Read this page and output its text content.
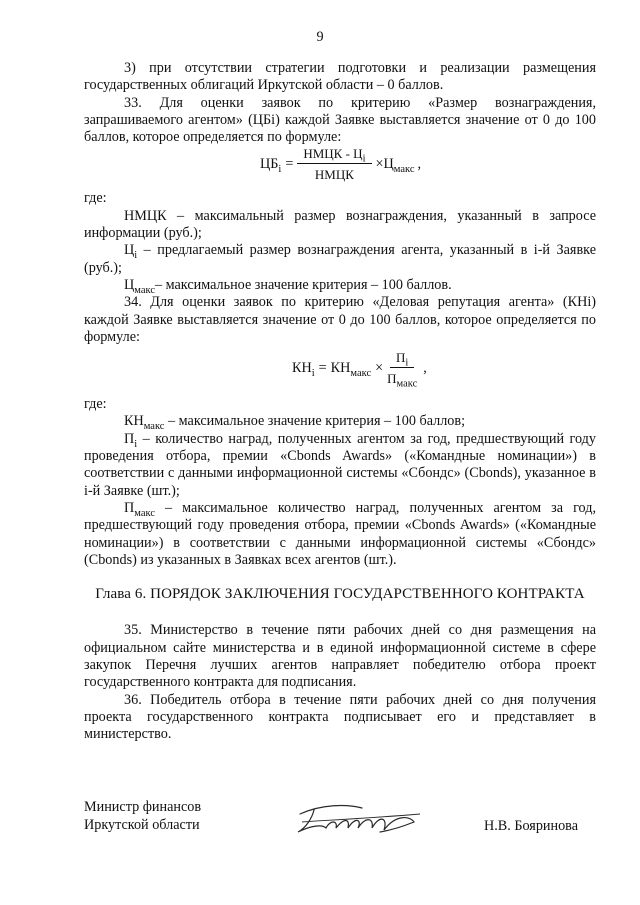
9

3) при отсутствии стратегии подготовки и реализации размещения государственных облигаций Иркутской области – 0 баллов.

33. Для оценки заявок по критерию «Размер вознаграждения, запрашиваемого агентом» (ЦБі) каждой Заявке выставляется значение от 0 до 100 баллов, которое определяется по формуле:

$ЦБ_i = \frac{НМЦК - Ц_i}{\text{НМЦК}} \times Ц_{макс}$ ,

где:

НМЦК – максимальный размер вознаграждения, указанный в запросе информации (руб.);

$Ц_i$ – предлагаемый размер вознаграждения агента, указанный в i-й Заявке (руб.);

$Ц_{макс}-$ максимальное значение критерия – 100 баллов.

34. Для оценки заявок по критерию «Деловая репутация агента» (КНі) каждой Заявке выставляется значение от 0 до 100 баллов, которое определяется по формуле:

$КН_i = КН_{макс} \times \frac{П_i}{П_{макс}}$ ,

где:

$КН_{макс}$ – максимальное значение критерия – 100 баллов;

$П_i$ – количество наград, полученных агентом за год, предшествующий году проведения отбора, премии «Cbonds Awards» («Командные номинации») в соответствии с данными информационной системы «Сбондс» (Cbonds), указанное в i-й Заявке (шт.);

$П_{макс}$ – максимальное количество наград, полученных агентом за год, предшествующий году проведения отбора, премии «Cbonds Awards» («Командные номинации») в соответствии с данными информационной системы «Сбондс» (Cbonds) из указанных в Заявках всех агентов (шт.).

Глава 6. ПОРЯДОК ЗАКЛЮЧЕНИЯ ГОСУДАРСТВЕННОГО КОНТРАКТА

35. Министерство в течение пяти рабочих дней со дня размещения на официальном сайте министерства и в единой информационной системе в сфере закупок Перечня лучших агентов направляет победителю отбора проект государственного контракта для подписания.

36. Победитель отбора в течение пяти рабочих дней со дня получения проекта государственного контракта подписывает его и представляет в министерство.

Министр финансов
Иркутской области	Н.В. Бояринова
